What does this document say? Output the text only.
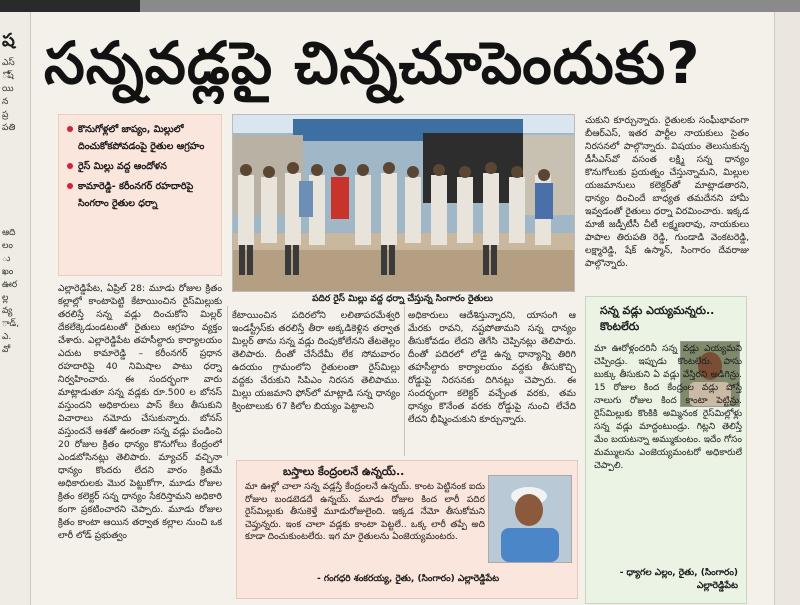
ష
ఎస్
ోష్
యి
న
ప్ర
పతి
ఆది
లం
ు
ఖం
ఊర
ల్ల
వ్య
ాడ్,
ఎ.
వో
సన్నవడ్లపై చిన్నచూపెందుకు?
కొనుగోళ్లలో జాప్యం, మిల్లులో దించుకోకపోవడంపై రైతుల ఆగ్రహం
రైస్ మిల్లు వద్ద ఆందోళన
కామారెడ్డి- కరీంనగర్ రహదారిపై సింగరాం రైతుల ధర్నా
ఎల్లారెడ్డిపేట, ఏప్రిల్ 28: మూడు రోజుల క్రితం కల్లాల్లో కాంటాపెట్టి కేటాయించిన రైస్‌మిల్లుకు తరలిస్తే సన్న వడ్లు దించుకోని మిల్లర్ దేకలేక్కెడుండటంతో రైతులు ఆగ్రహం వ్యక్తం చేశారు. ఎల్లారెడ్డిపేట తహసీల్దారు కార్యాలయం ఎదుట కామారెడ్డి – కరీంనగర్ ప్రధాన రహదారిపై 40 నిమిషాల పాటు ధర్నా నిర్వహించారు. ఈ సందర్భంగా వారు మాట్లాడుతూ సన్న వడ్లకు రూ.500 ల బోనస్ వస్తుందని అధికారులు పాస్ కేలు తీసుకుని విచారాలు నమోదు చేసుకున్నారు. బోనస్ వస్తుందనే ఆశతో ఊరంతా సన్న వడ్లు పండించి 20 రోజుల క్రితం ధాన్యం కొనుగోలు కేంద్రంలో ఎండబోసినట్లు తెలిపారు. మ్యాచర్ వచ్చినా ధాన్యం కొందరు లేదని వారం క్రితమే అధికారులకు మొర పెట్టుకోగా, మూడు రోజుల క్రితం కలెక్టర్ సన్న ధాన్యం సేకరిస్తామని అధికారి కంగా ప్రకటించారని చెప్పారు. మూడు రోజుల క్రితం కాంటా ఆయిన తర్వాత కల్లాల నుంచి ఒక లారీ లోడ్ ప్రభుత్వం
పదిర రైస్ మిల్లు వద్ద ధర్నా చేస్తున్న సింగారం రైతులు
కేటాయించిన పదిరలోని లలితాపరమేశ్వరి ఇండస్ట్రీస్‌కు తరలిస్తే తీరా అక్కడికెళ్లిన తర్వాత మిల్లర్ తాను సన్న వడ్లు దింపుకోలేనని తేటతెల్లం తెలిపారు. దీంతో చేసేదేమీ లేక సోమవారం ఉదయం గ్రామంలోని రైతులంతా రైస్‌మిల్లు వద్దకు చేరుకుని సిపిఎం నిరసన తెలిపాము. మిల్లు యజమాని ఫోన్‌లో మాట్లాడి సన్న ధాన్యం క్వింటాలుకు 67 కిలోల బియ్యం పెట్టాలని
అధికారులు ఆదేశిస్తున్నారని, యాసంగి ఆ మేరకు రావని, నష్టపోతామని సన్న ధాన్యం తీసుకోవడం లేదని తెగేసి చెప్పినట్లు తెలిపారు. దీంతో పదిరలో లోడై ఉన్న ధాన్యాన్ని తిరిగి తహసీల్దారు కార్యాలయం వద్దకు తీసుకొచ్చి రోడ్డుపై నిరసనకు దిగినట్లు చెప్పారు. ఈ సందర్భంగా కలెక్టర్ వచ్చేంత వరకు, తమ ధాన్యం కొనేంత వరకు రోడ్డుపై నుంచి లేచేది లేదని భీష్మించుకుని కూర్చున్నారు.
చుకుని కూర్చున్నారు. రైతులకు సంఘీభావంగా బీఆర్‌ఎస్, ఇతర పార్టీల నాయకులు సైతం నిరసనలో పాల్గొన్నారు. విషయం తెలుసుకున్న డీసీఎస్‌వో వసంత లక్ష్మి సన్న ధాన్యం కొనుగోలుకు ప్రయత్నం చేస్తున్నామని, మిల్లుల యజమానులు కలెక్టర్‌తో మాట్లాడతారని, ధాన్యం దించిందే బాధ్యత తమదేనని హామీ ఇవ్వడంతో రైతులు ధర్నా విరమించారు. ఇక్కడ మాజీ జడ్పీటీసీ చీటీ లక్ష్మణరావు, నాయకులు పాపాల తిరుపతి రెడ్డి, గుండాడి వెంకటరెడ్డి, లక్ష్మారెడ్డి, షేక్ ఉస్మాన్, సింగారం దేవరాజు పాల్గొన్నారు.
బస్తాలు కేంద్రంలనే ఉన్నయ్..
మా ఊళ్లో చాలా సన్న వడ్లస్తే కేంద్రంలనే ఉన్నయ్. కాంట పెట్టినంక ఐదు రోజుల బండబెడదే ఉన్నయ్. మూడు రోజుల కింద లారీ పదిర రైస్‌మిల్లుకు తీసుకెళ్తే మూడురోజులైంది. ఇక్కడ నేమో తీసుకోమని చెప్తున్నరు. ఇంక చాలా వడ్లకు కాంటా పెట్టలే.. ఒక్క లారీ తప్పే అది కూడా దించుకుంటలేరు. ఇగ మా రైతులను ఏంజెయ్యమంటరు.
- గంగధరి శంకరయ్య, రైతు, (సింగారం) ఎల్లారెడ్డిపేట
సన్న వడ్లు ఎయ్యమన్నరు.. కొంటలేరు
మా ఊరోళ్లందరినీ సన్న వడ్లు ఎయ్యమని చెప్పిండ్రు. ఇప్పుడు కొంటలేరు. పాసు బుక్కు తీసుకుని ఏ వడ్లు వేస్తిరని అడిగిన్రు. 15 రోజుల కింద కేంద్రంల వడ్లు పోస్తే నాలుగు రోజుల కింద కాంటా పెట్టిన్రు. రైస్‌మిల్లుకు కొంకికి అమ్మినంక రైస్‌మిల్లోళ్లు సన్న వడ్లు మాద్దంటుండ్రు. గిట్లని తెలిస్తే మేం బయటన్నా అమ్ముకుంటం. ఇదేం గోసం మమ్ములను ఎంజెయ్యమంటరో అధికారులే చెప్పాలి.
- ధ్యాగల ఎల్లం, రైతు, (సింగారం) ఎల్లారెడ్డిపేట
